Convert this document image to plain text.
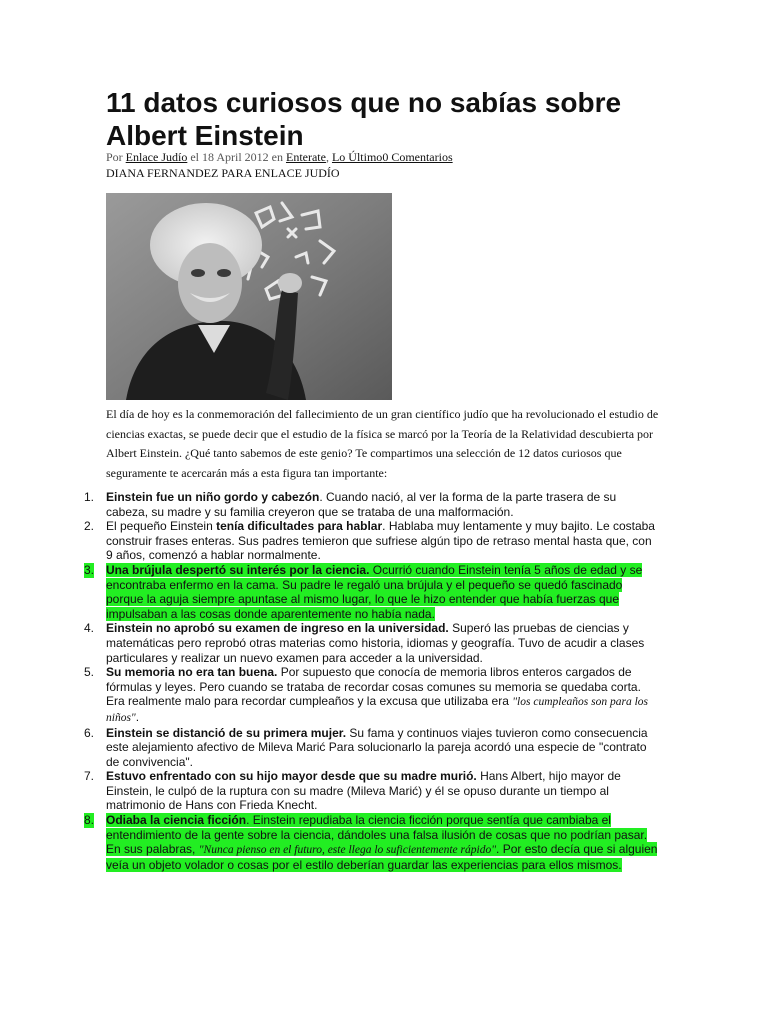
11 datos curiosos que no sabías sobre Albert Einstein

Por Enlace Judío el 18 April 2012 en Enterate, Lo Último0 Comentarios

DIANA FERNANDEZ PARA ENLACE JUDÍO

El día de hoy es la conmemoración del fallecimiento de un gran científico judío que ha revolucionado el estudio de ciencias exactas, se puede decir que el estudio de la física se marcó por la Teoría de la Relatividad descubierta por Albert Einstein. ¿Qué tanto sabemos de este genio? Te compartimos una selección de 12 datos curiosos que seguramente te acercarán más a esta figura tan importante:

1. Einstein fue un niño gordo y cabezón. Cuando nació, al ver la forma de la parte trasera de su cabeza, su madre y su familia creyeron que se trataba de una malformación.
2. El pequeño Einstein tenía dificultades para hablar. Hablaba muy lentamente y muy bajito. Le costaba construir frases enteras. Sus padres temieron que sufriese algún tipo de retraso mental hasta que, con 9 años, comenzó a hablar normalmente.
3. Una brújula despertó su interés por la ciencia. Ocurrió cuando Einstein tenía 5 años de edad y se encontraba enfermo en la cama. Su padre le regaló una brújula y el pequeño se quedó fascinado porque la aguja siempre apuntase al mismo lugar, lo que le hizo entender que había fuerzas que impulsaban a las cosas donde aparentemente no había nada.
4. Einstein no aprobó su examen de ingreso en la universidad. Superó las pruebas de ciencias y matemáticas pero reprobó otras materias como historia, idiomas y geografía. Tuvo de acudir a clases particulares y realizar un nuevo examen para acceder a la universidad.
5. Su memoria no era tan buena. Por supuesto que conocía de memoria libros enteros cargados de fórmulas y leyes. Pero cuando se trataba de recordar cosas comunes su memoria se quedaba corta. Era realmente malo para recordar cumpleaños y la excusa que utilizaba era "los cumpleaños son para los niños".
6. Einstein se distanció de su primera mujer. Su fama y continuos viajes tuvieron como consecuencia este alejamiento afectivo de Mileva Marić Para solucionarlo la pareja acordó una especie de "contrato de convivencia".
7. Estuvo enfrentado con su hijo mayor desde que su madre murió. Hans Albert, hijo mayor de Einstein, le culpó de la ruptura con su madre (Mileva Marić) y él se opuso durante un tiempo al matrimonio de Hans con Frieda Knecht.
8. Odiaba la ciencia ficción. Einstein repudiaba la ciencia ficción porque sentía que cambiaba el entendimiento de la gente sobre la ciencia, dándoles una falsa ilusión de cosas que no podrían pasar. En sus palabras, "Nunca pienso en el futuro, este llega lo suficientemente rápido". Por esto decía que si alguien veía un objeto volador o cosas por el estilo deberían guardar las experiencias para ellos mismos.
